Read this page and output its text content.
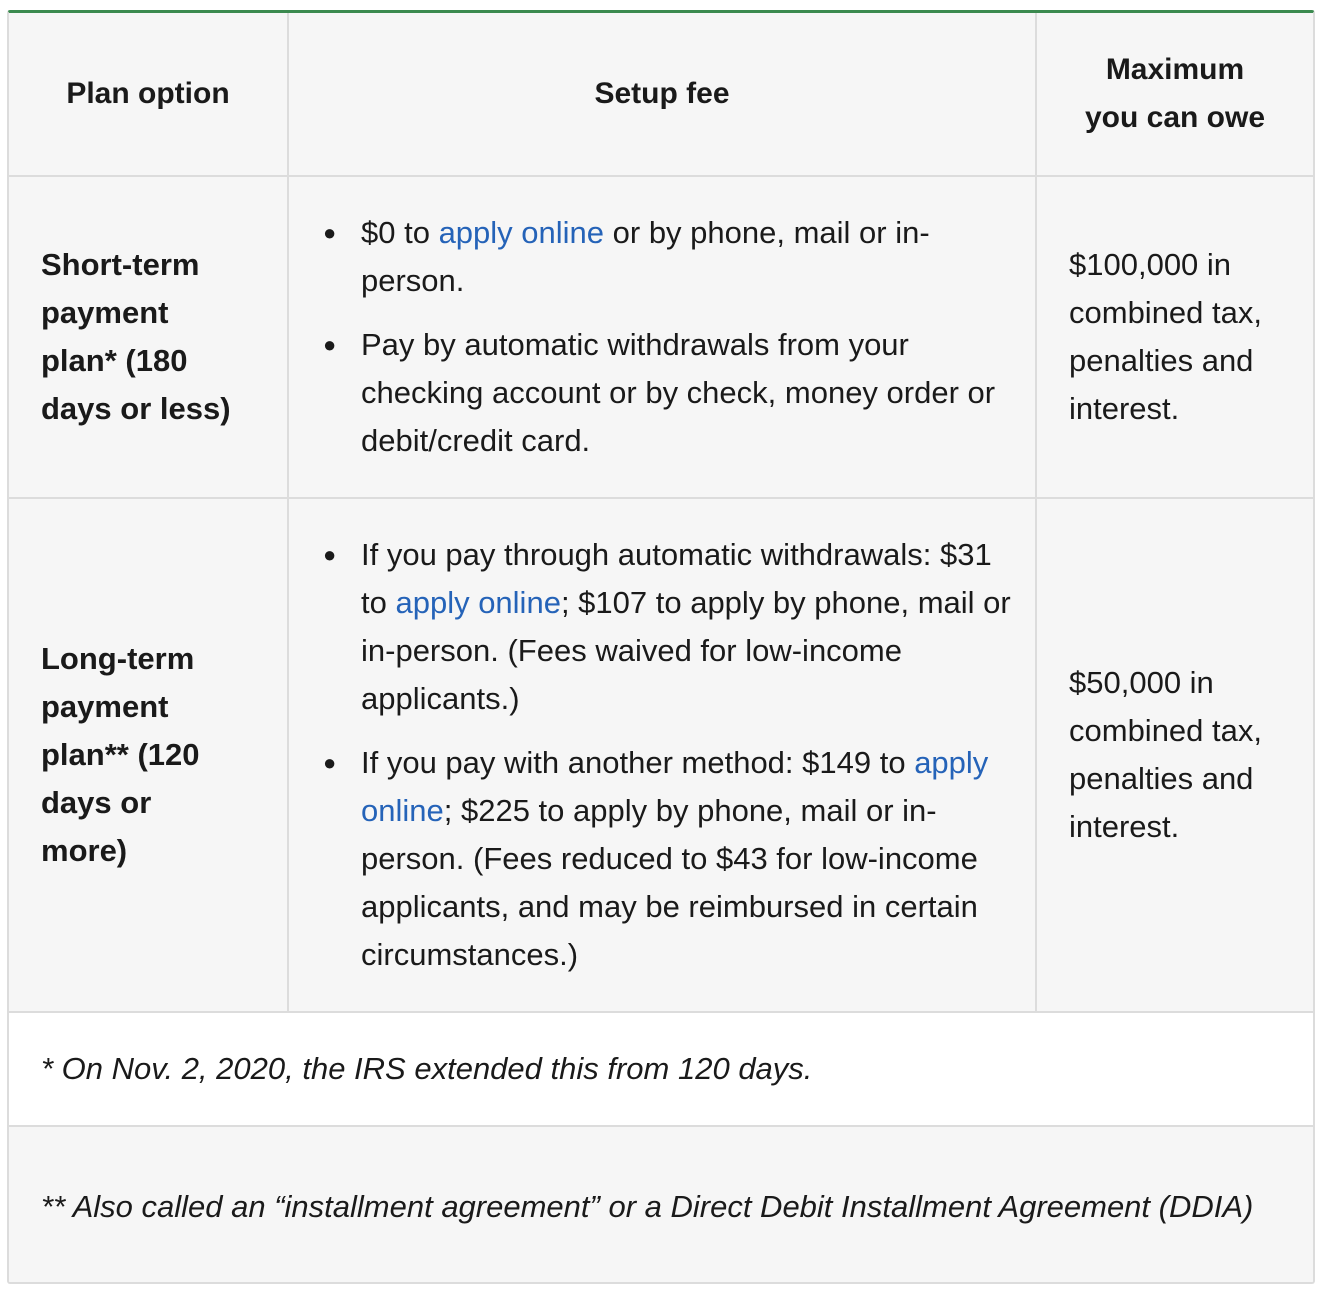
Plan option	Setup fee
Maximum
you can owe
Short-term
payment
plan* (180
days or less)
● $0 to apply online or by phone, mail or in-person.
● Pay by automatic withdrawals from your checking account or by check, money order or debit/credit card.
$100,000 in combined tax, penalties and interest.
Long-term
payment
plan** (120
days or
more)
● If you pay through automatic withdrawals: $31 to apply online; $107 to apply by phone, mail or in-person. (Fees waived for low-income applicants.)
● If you pay with another method: $149 to apply online; $225 to apply by phone, mail or in-person. (Fees reduced to $43 for low-income applicants, and may be reimbursed in certain circumstances.)
$50,000 in combined tax, penalties and interest.
* On Nov. 2, 2020, the IRS extended this from 120 days.
** Also called an “installment agreement” or a Direct Debit Installment Agreement (DDIA)
